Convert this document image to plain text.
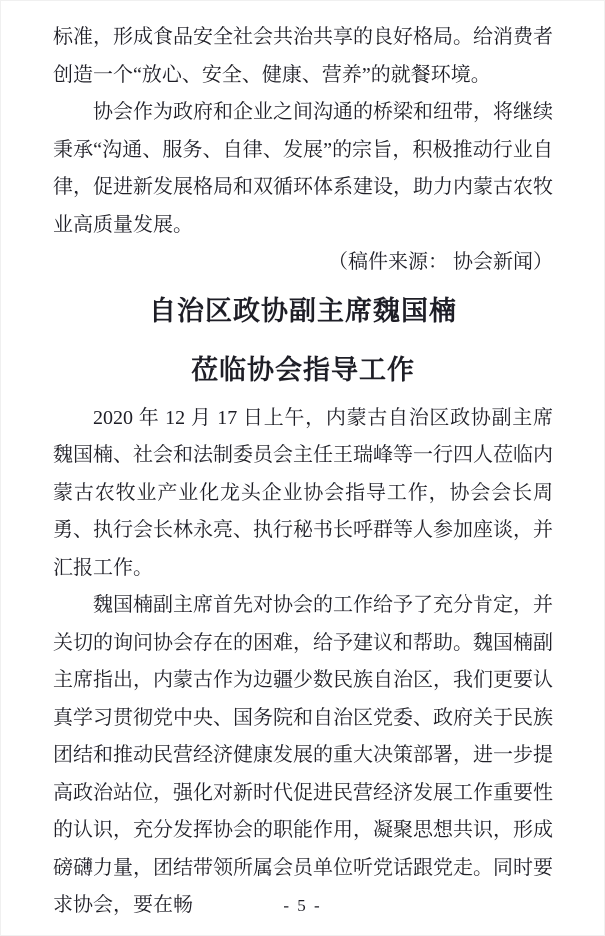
标准，形成食品安全社会共治共享的良好格局。给消费者创造一个“放心、安全、健康、营养”的就餐环境。

协会作为政府和企业之间沟通的桥梁和纽带，将继续秉承“沟通、服务、自律、发展”的宗旨，积极推动行业自律，促进新发展格局和双循环体系建设，助力内蒙古农牧业高质量发展。

（稿件来源： 协会新闻）

自治区政协副主席魏国楠
莅临协会指导工作

2020 年 12 月 17 日上午，内蒙古自治区政协副主席魏国楠、社会和法制委员会主任王瑞峰等一行四人莅临内蒙古农牧业产业化龙头企业协会指导工作，协会会长周勇、执行会长林永亮、执行秘书长呼群等人参加座谈，并汇报工作。

魏国楠副主席首先对协会的工作给予了充分肯定，并关切的询问协会存在的困难，给予建议和帮助。魏国楠副主席指出，内蒙古作为边疆少数民族自治区，我们更要认真学习贯彻党中央、国务院和自治区党委、政府关于民族团结和推动民营经济健康发展的重大决策部署，进一步提高政治站位，强化对新时代促进民营经济发展工作重要性的认识，充分发挥协会的职能作用，凝聚思想共识，形成磅礴力量，团结带领所属会员单位听党话跟党走。同时要求协会，要在畅	- 5 -
